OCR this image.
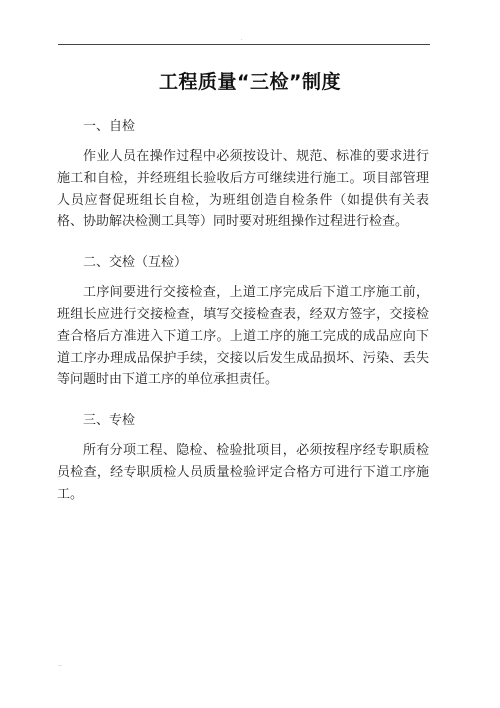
.
工程质量“三检”制度

一、自检

作业人员在操作过程中必须按设计、规范、标准的要求进行施工和自检，并经班组长验收后方可继续进行施工。项目部管理人员应督促班组长自检，为班组创造自检条件（如提供有关表格、协助解决检测工具等）同时要对班组操作过程进行检查。

二、交检（互检）

工序间要进行交接检查，上道工序完成后下道工序施工前，班组长应进行交接检查，填写交接检查表，经双方签字，交接检查合格后方准进入下道工序。上道工序的施工完成的成品应向下道工序办理成品保护手续，交接以后发生成品损坏、污染、丢失等问题时由下道工序的单位承担责任。

三、专检

所有分项工程、隐检、检验批项目，必须按程序经专职质检员检查，经专职质检人员质量检验评定合格方可进行下道工序施工。

..
